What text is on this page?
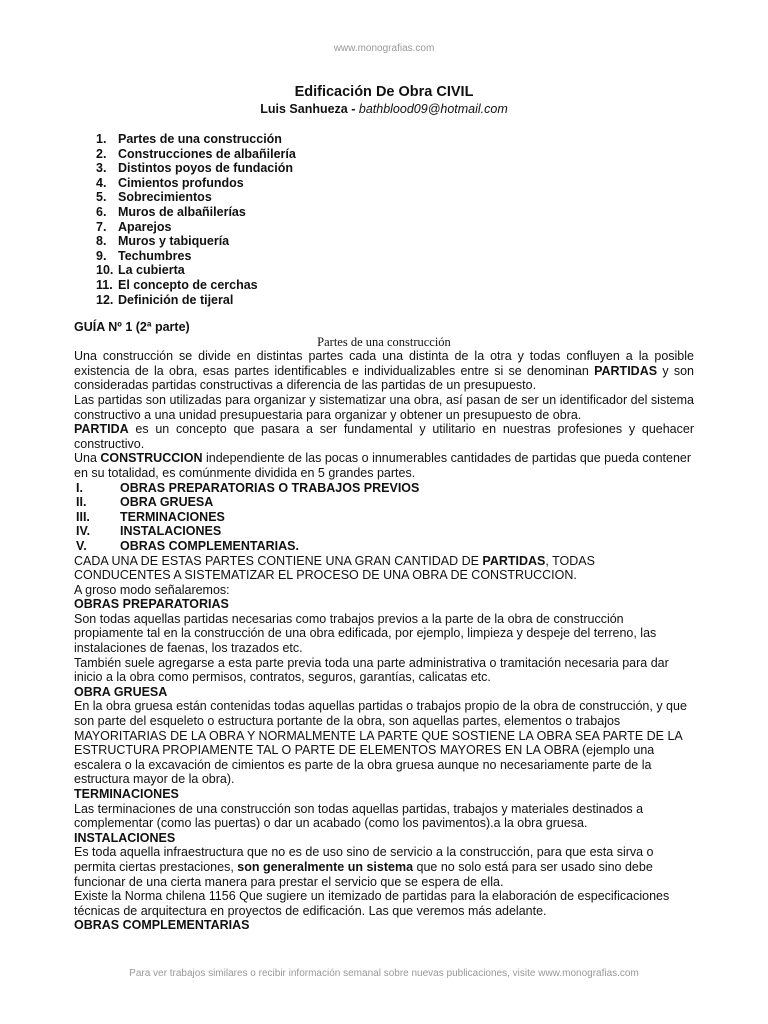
www.monografias.com
Edificación De Obra CIVIL
Luis Sanhueza - bathblood09@hotmail.com
1. Partes de una construcción
2. Construcciones de albañilería
3. Distintos poyos de fundación
4. Cimientos profundos
5. Sobrecimientos
6. Muros de albañilerías
7. Aparejos
8. Muros y tabiquería
9. Techumbres
10. La cubierta
11. El concepto de cerchas
12. Definición de tijeral

GUÍA Nº 1 (2ª parte)

Partes de una construcción

Una construcción se divide en distintas partes cada una distinta de la otra y todas confluyen a la posible existencia de la obra, esas partes identificables e individualizables entre si se denominan PARTIDAS y son consideradas partidas constructivas a diferencia de las partidas de un presupuesto.

Las partidas son utilizadas para organizar y sistematizar una obra, así pasan de ser un identificador del sistema constructivo a una unidad presupuestaria para organizar y obtener un presupuesto de obra.

PARTIDA es un concepto que pasara a ser fundamental y utilitario en nuestras profesiones y quehacer constructivo.

Una CONSTRUCCION independiente de las pocas o innumerables cantidades de partidas que pueda contener en su totalidad, es comúnmente dividida en 5 grandes partes.

I.	OBRAS PREPARATORIAS O TRABAJOS PREVIOS
II.	OBRA GRUESA
III.	TERMINACIONES
IV.	INSTALACIONES
V.	OBRAS COMPLEMENTARIAS.

CADA UNA DE ESTAS PARTES CONTIENE UNA GRAN CANTIDAD DE PARTIDAS, TODAS CONDUCENTES A SISTEMATIZAR EL PROCESO DE UNA OBRA DE CONSTRUCCION.

A groso modo señalaremos:

OBRAS PREPARATORIAS

Son todas aquellas partidas necesarias como trabajos previos a la parte de la obra de construcción propiamente tal en la construcción de una obra edificada, por ejemplo, limpieza y despeje del terreno, las instalaciones de faenas, los trazados etc.

También suele agregarse a esta parte previa toda una parte administrativa o tramitación necesaria para dar inicio a la obra como permisos, contratos, seguros, garantías, calicatas etc.

OBRA GRUESA

En la obra gruesa están contenidas todas aquellas partidas o trabajos propio de la obra de construcción, y que son parte del esqueleto o estructura portante de la obra, son aquellas partes, elementos o trabajos MAYORITARIAS DE LA OBRA Y NORMALMENTE LA PARTE QUE SOSTIENE LA OBRA SEA PARTE DE LA ESTRUCTURA PROPIAMENTE TAL O PARTE DE ELEMENTOS MAYORES EN LA OBRA (ejemplo una escalera o la excavación de cimientos es parte de la obra gruesa aunque no necesariamente parte de la estructura mayor de la obra).

TERMINACIONES

Las terminaciones de una construcción son todas aquellas partidas, trabajos y materiales destinados a complementar (como las puertas) o dar un acabado (como los pavimentos).a la obra gruesa.

INSTALACIONES

Es toda aquella infraestructura que no es de uso sino de servicio a la construcción, para que esta sirva o permita ciertas prestaciones, son generalmente un sistema que no solo está para ser usado sino debe funcionar de una cierta manera para prestar el servicio que se espera de ella.

Existe la Norma chilena 1156 Que sugiere un itemizado de partidas para la elaboración de especificaciones técnicas de arquitectura en proyectos de edificación. Las que veremos más adelante.

OBRAS COMPLEMENTARIAS

Para ver trabajos similares o recibir información semanal sobre nuevas publicaciones, visite www.monografias.com
